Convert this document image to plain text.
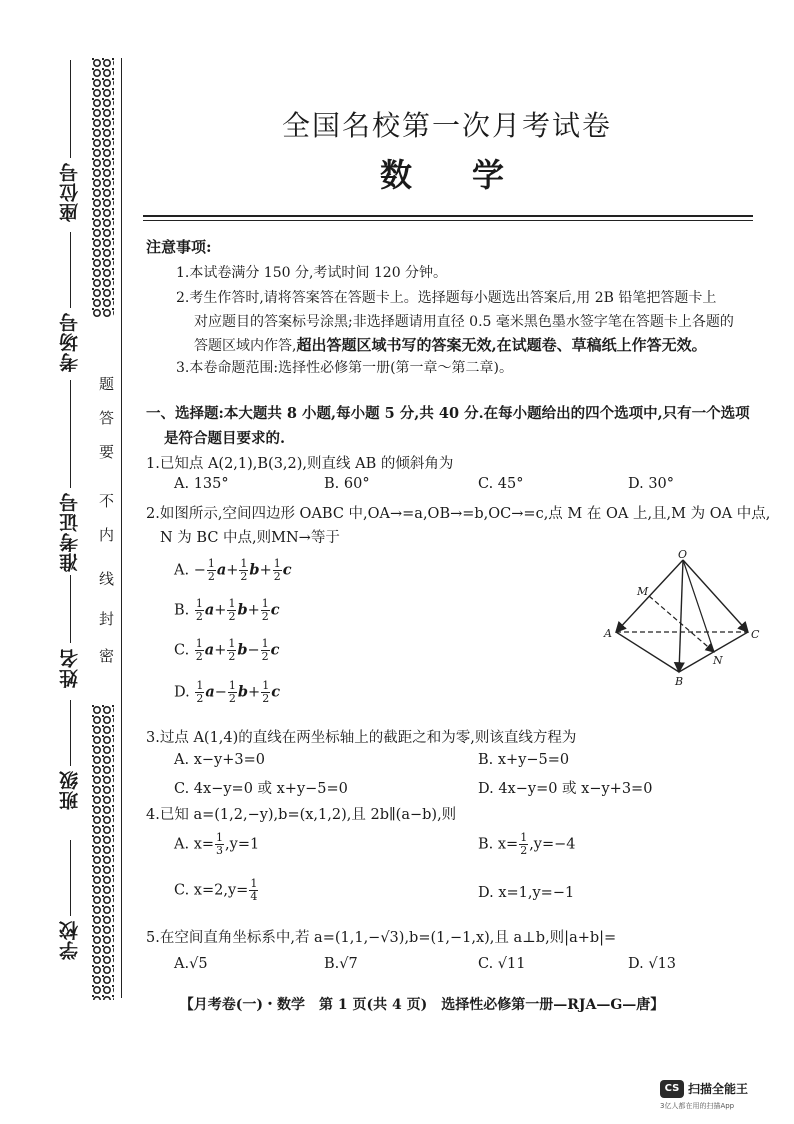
座位号
考场号
准考证号
姓名
班级
学校
题
答
要
不
内
线
封
密
全国名校第一次月考试卷
数学
注意事项:
1.本试卷满分 150 分,考试时间 120 分钟。
2.考生作答时,请将答案答在答题卡上。选择题每小题选出答案后,用 2B 铅笔把答题卡上
对应题目的答案标号涂黑;非选择题请用直径 0.5 毫米黑色墨水签字笔在答题卡上各题的
答题区域内作答,超出答题区域书写的答案无效,在试题卷、草稿纸上作答无效。
3.本卷命题范围:选择性必修第一册(第一章～第二章)。
一、选择题:本大题共 8 小题,每小题 5 分,共 40 分.在每小题给出的四个选项中,只有一个选项
是符合题目要求的.
1.已知点 A(2,1),B(3,2),则直线 AB 的倾斜角为
A. 135°	B. 60°	C. 45°	D. 30°
2.如图所示,空间四边形 OABC 中,OA→=a,OB→=b,OC→=c,点 M 在 OA 上,且,M 为 OA 中点,
N 为 BC 中点,则MN→等于
A. − $\frac{1}{2} a+ \frac{1}{2} b+ \frac{1}{2}$ c
B. $\frac{1}{2} a+ \frac{1}{2} b+ \frac{1}{2}$ c
C. $\frac{1}{2} a+ \frac{1}{2} b- \frac{1}{2}$ c
D. $\frac{1}{2} a- \frac{1}{2} b+ \frac{1}{2}$ c
O
M
A	C
N
B
3.过点 A(1,4)的直线在两坐标轴上的截距之和为零,则该直线方程为
A. x−y+3=0	B. x+y−5=0
C. 4x−y=0 或 x+y−5=0	D. 4x−y=0 或 x−y+3=0
4.已知 a=(1,2,−y),b=(x,1,2),且 2b∥(a−b),则
A. $x= \frac{1}{3} ,y=1$	B. $x= \frac{1}{2} ,y=-4$
C. $x=2,y= \frac{1}{4}$	D. x=1,y=−1
5.在空间直角坐标系中,若 a=(1,1,−√3),b=(1,−1,x),且 a⊥b,则|a+b|=
A.√5	B.√7	C. √11	D. √13
【月考卷(一)・数学　第 1 页(共 4 页)　选择性必修第一册—RJA—G—唐】
CS 扫描全能王
3亿人都在用的扫描App
